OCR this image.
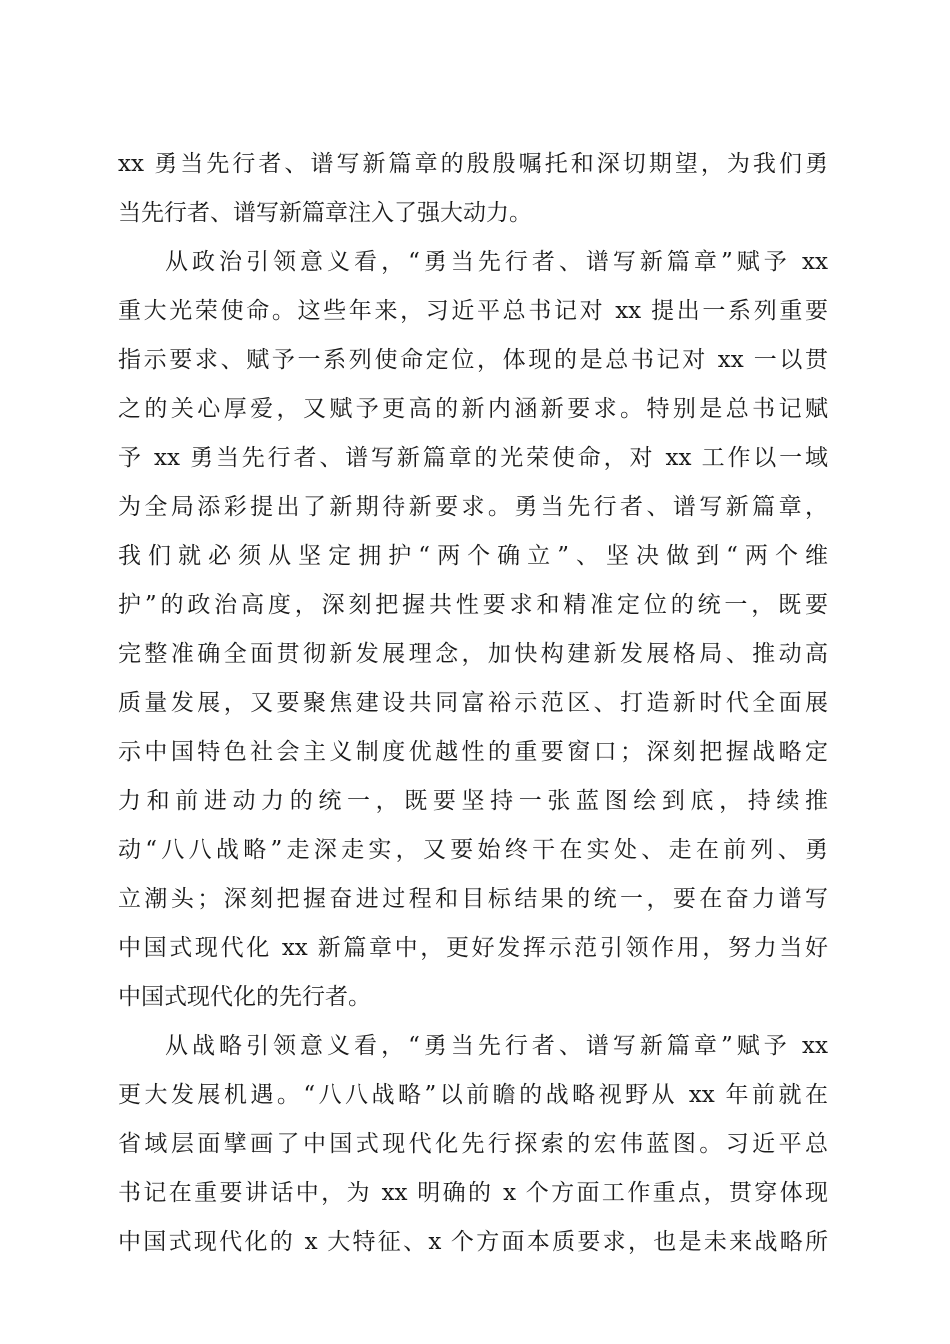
xx 勇当先行者、谱写新篇章的殷殷嘱托和深切期望，为我们勇
当先行者、谱写新篇章注入了强大动力。
从政治引领意义看，“勇当先行者、谱写新篇章”赋予 xx
重大光荣使命。这些年来，习近平总书记对 xx 提出一系列重要
指示要求、赋予一系列使命定位，体现的是总书记对 xx 一以贯
之的关心厚爱，又赋予更高的新内涵新要求。特别是总书记赋
予 xx 勇当先行者、谱写新篇章的光荣使命，对 xx 工作以一域
为全局添彩提出了新期待新要求。勇当先行者、谱写新篇章，
我们就必须从坚定拥护“两个确立”、坚决做到“两个维
护”的政治高度，深刻把握共性要求和精准定位的统一，既要
完整准确全面贯彻新发展理念，加快构建新发展格局、推动高
质量发展，又要聚焦建设共同富裕示范区、打造新时代全面展
示中国特色社会主义制度优越性的重要窗口；深刻把握战略定
力和前进动力的统一，既要坚持一张蓝图绘到底，持续推
动“八八战略”走深走实，又要始终干在实处、走在前列、勇
立潮头；深刻把握奋进过程和目标结果的统一，要在奋力谱写
中国式现代化 xx 新篇章中，更好发挥示范引领作用，努力当好
中国式现代化的先行者。
从战略引领意义看，“勇当先行者、谱写新篇章”赋予 xx
更大发展机遇。“八八战略”以前瞻的战略视野从 xx 年前就在
省域层面擘画了中国式现代化先行探索的宏伟蓝图。习近平总
书记在重要讲话中，为 xx 明确的 x 个方面工作重点，贯穿体现
中国式现代化的 x 大特征、x 个方面本质要求，也是未来战略所
